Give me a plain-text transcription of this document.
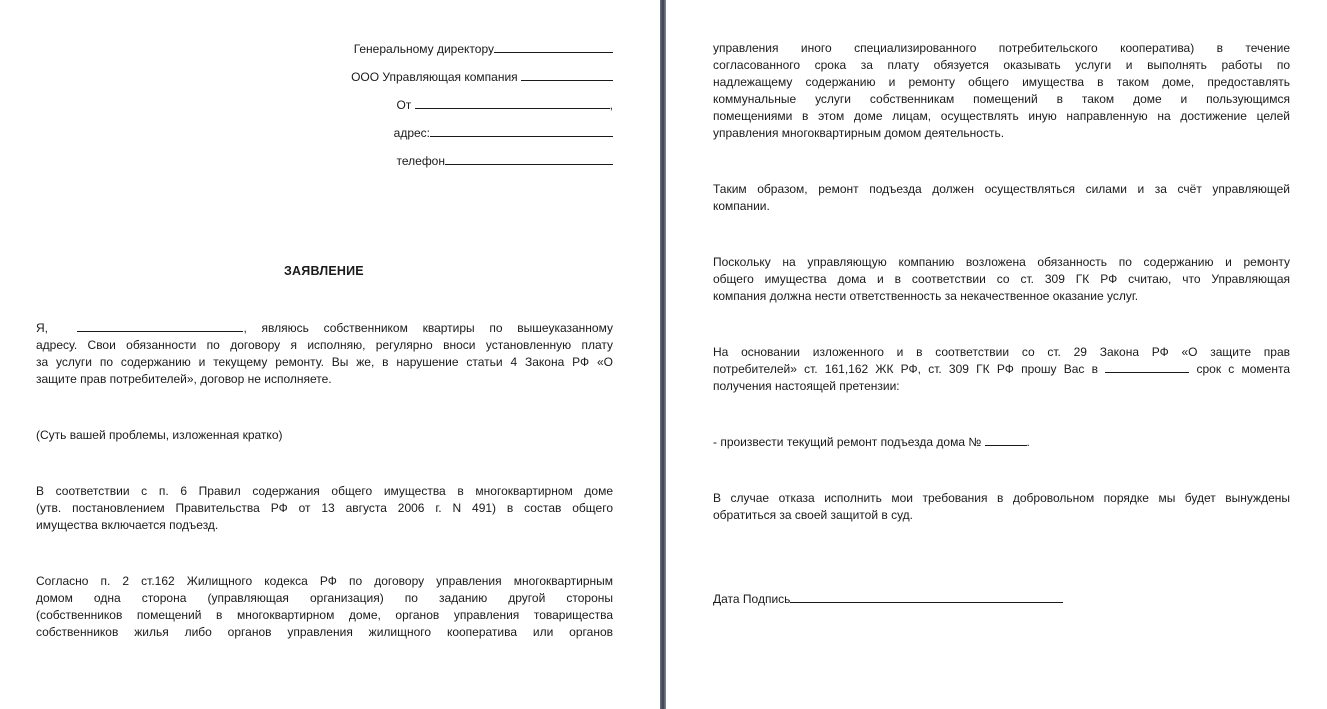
Генеральному директору
ООО Управляющая компания
От	,
адрес:
телефон
ЗАЯВЛЕНИЕ
Я,	, являюсь собственником квартиры по вышеуказанному
адресу. Свои обязанности по договору я исполняю, регулярно вноси установленную плату
за услуги по содержанию и текущему ремонту. Вы же, в нарушение статьи 4 Закона РФ «О
защите прав потребителей», договор не исполняете.
(Суть вашей проблемы, изложенная кратко)
В соответствии с п. 6 Правил содержания общего имущества в многоквартирном доме
(утв. постановлением Правительства РФ от 13 августа 2006 г. N 491) в состав общего
имущества включается подъезд.
Согласно п. 2 ст.162 Жилищного кодекса РФ по договору управления многоквартирным
домом одна сторона (управляющая организация) по заданию другой стороны
(собственников помещений в многоквартирном доме, органов управления товарищества
собственников жилья либо органов управления жилищного кооператива или органов
управления иного специализированного потребительского кооператива) в течение
согласованного срока за плату обязуется оказывать услуги и выполнять работы по
надлежащему содержанию и ремонту общего имущества в таком доме, предоставлять
коммунальные услуги собственникам помещений в таком доме и пользующимся
помещениями в этом доме лицам, осуществлять иную направленную на достижение целей
управления многоквартирным домом деятельность.
Таким образом, ремонт подъезда должен осуществляться силами и за счёт управляющей
компании.
Поскольку на управляющую компанию возложена обязанность по содержанию и ремонту
общего имущества дома и в соответствии со ст. 309 ГК РФ считаю, что Управляющая
компания должна нести ответственность за некачественное оказание услуг.
На основании изложенного и в соответствии со ст. 29 Закона РФ «О защите прав
потребителей» ст. 161,162 ЖК РФ, ст. 309 ГК РФ прошу Вас в	срок с момента
получения настоящей претензии:
- произвести текущий ремонт подъезда дома №	.
В случае отказа исполнить мои требования в добровольном порядке мы будет вынуждены
обратиться за своей защитой в суд.
Дата Подпись
